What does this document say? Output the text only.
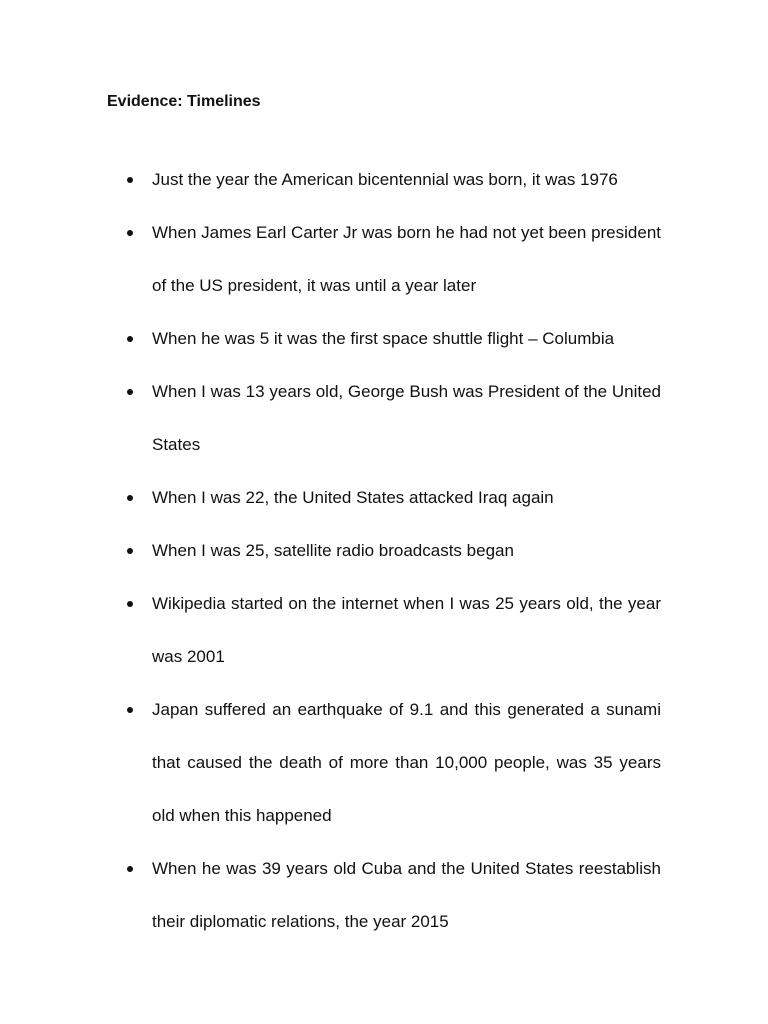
Evidence: Timelines
Just the year the American bicentennial was born, it was 1976
When James Earl Carter Jr was born he had not yet been president of the US president, it was until a year later
When he was 5 it was the first space shuttle flight – Columbia
When I was 13 years old, George Bush was President of the United States
When I was 22, the United States attacked Iraq again
When I was 25, satellite radio broadcasts began
Wikipedia started on the internet when I was 25 years old, the year was 2001
Japan suffered an earthquake of 9.1 and this generated a sunami that caused the death of more than 10,000 people, was 35 years old when this happened
When he was 39 years old Cuba and the United States reestablish their diplomatic relations, the year 2015
